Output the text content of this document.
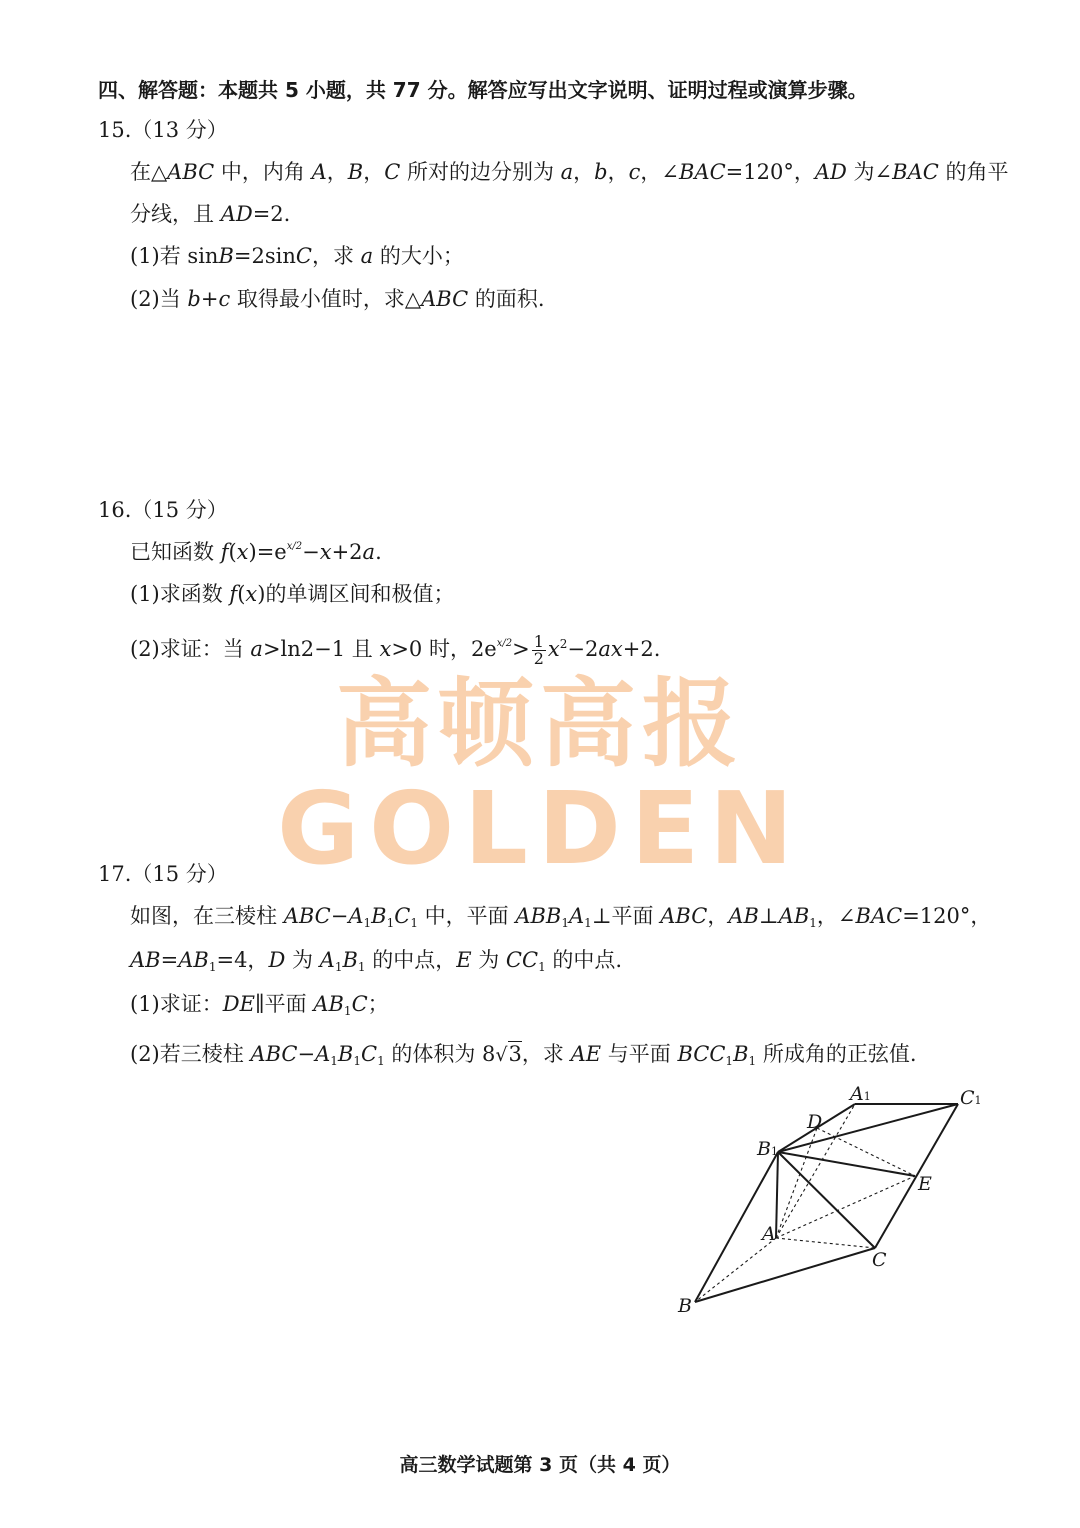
四、解答题：本题共 5 小题，共 77 分。解答应写出文字说明、证明过程或演算步骤。
15.（13 分）
在△ABC 中，内角 A，B，C 所对的边分别为 a，b，c，∠BAC=120°，AD 为∠BAC 的角平
分线，且 AD=2.
(1)若 sinB=2sinC，求 a 的大小；
(2)当 b+c 取得最小值时，求△ABC 的面积.
16.（15 分）
已知函数 $f(x)=e^{x/2}-x+2a$.
(1)求函数 f(x)的单调区间和极值；
(2)求证：当 a>ln2−1 且 x>0 时，$2e^{x/2}> \frac{1}{2} x^2-2ax+2$.
高顿高报
GOLDEN
17.（15 分）
如图，在三棱柱 $ABC-A_1B_1C_1$ 中，平面 $ABB_1A_1\perp$平面 ABC，$AB\perp AB_1$，∠BAC=120°，
$AB=AB_1=4$，D 为 $A_1B_1$ 的中点，E 为 $CC_1$ 的中点.
(1)求证：DE∥平面 $AB_1C$；
(2)若三棱柱 $ABC-A_1B_1C_1$ 的体积为 8√3，求 AE 与平面 $BCC_1B_1$ 所成角的正弦值.
A1	C1
D
B1
E
A
C
B
高三数学试题第 3 页（共 4 页）
